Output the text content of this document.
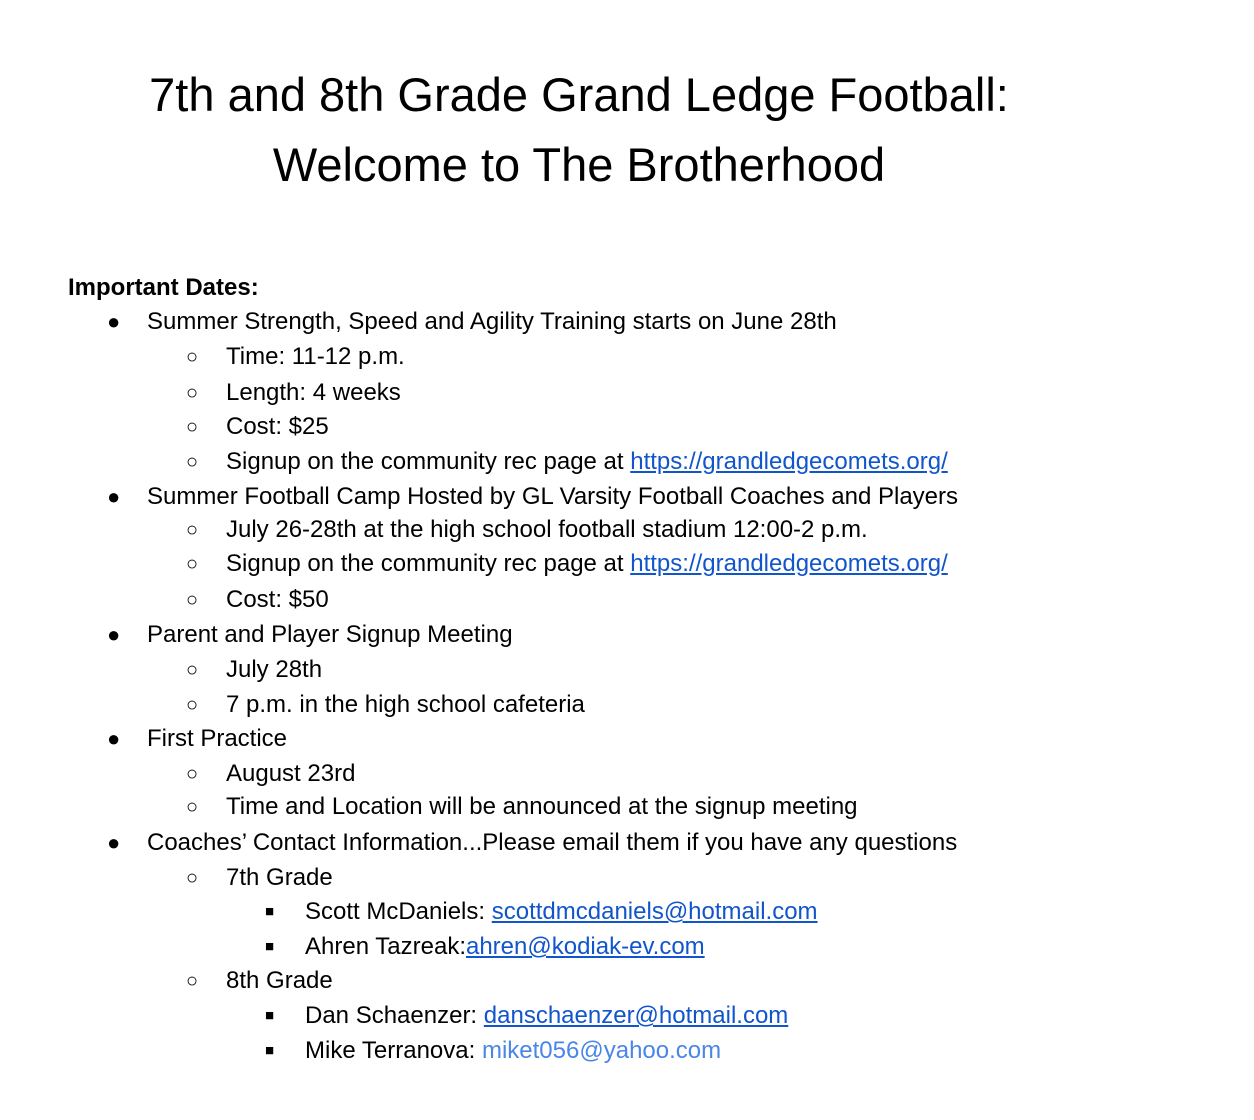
7th and 8th Grade Grand Ledge Football:
Welcome to The Brotherhood
Important Dates:
● Summer Strength, Speed and Agility Training starts on June 28th
○ Time: 11-12 p.m.
○ Length: 4 weeks
○ Cost: $25
○ Signup on the community rec page at https://grandledgecomets.org/
● Summer Football Camp Hosted by GL Varsity Football Coaches and Players
○ July 26-28th at the high school football stadium 12:00-2 p.m.
○ Signup on the community rec page at https://grandledgecomets.org/
○ Cost: $50
● Parent and Player Signup Meeting
○ July 28th
○ 7 p.m. in the high school cafeteria
● First Practice
○ August 23rd
○ Time and Location will be announced at the signup meeting
● Coaches’ Contact Information...Please email them if you have any questions
○ 7th Grade
■ Scott McDaniels: scottdmcdaniels@hotmail.com
■ Ahren Tazreak:ahren@kodiak-ev.com
○ 8th Grade
■ Dan Schaenzer: danschaenzer@hotmail.com
■ Mike Terranova: miket056@yahoo.com
